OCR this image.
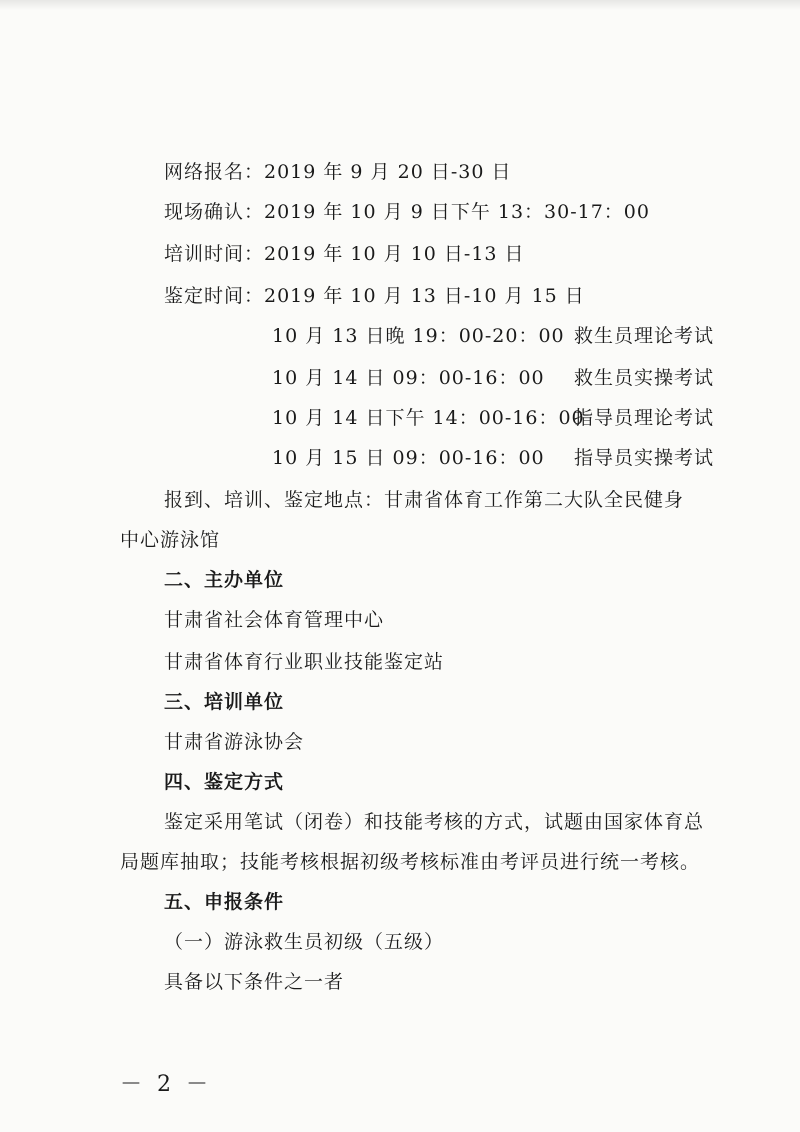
网络报名：2019 年 9 月 20 日-30 日
现场确认：2019 年 10 月 9 日下午 13：30-17：00
培训时间：2019 年 10 月 10 日-13 日
鉴定时间：2019 年 10 月 13 日-10 月 15 日
10 月 13 日晚 19：00-20：00 救生员理论考试
10 月 14 日 09：00-16：00 救生员实操考试
10 月 14 日下午 14：00-16：00
指导员理论考试
10 月 15 日 09：00-16：00 指导员实操考试
报到、培训、鉴定地点：甘肃省体育工作第二大队全民健身
中心游泳馆
二、主办单位
甘肃省社会体育管理中心
甘肃省体育行业职业技能鉴定站
三、培训单位
甘肃省游泳协会
四、鉴定方式
鉴定采用笔试（闭卷）和技能考核的方式，试题由国家体育总
局题库抽取；技能考核根据初级考核标准由考评员进行统一考核。
五、申报条件
（一）游泳救生员初级（五级）
具备以下条件之一者
－ 2 －
